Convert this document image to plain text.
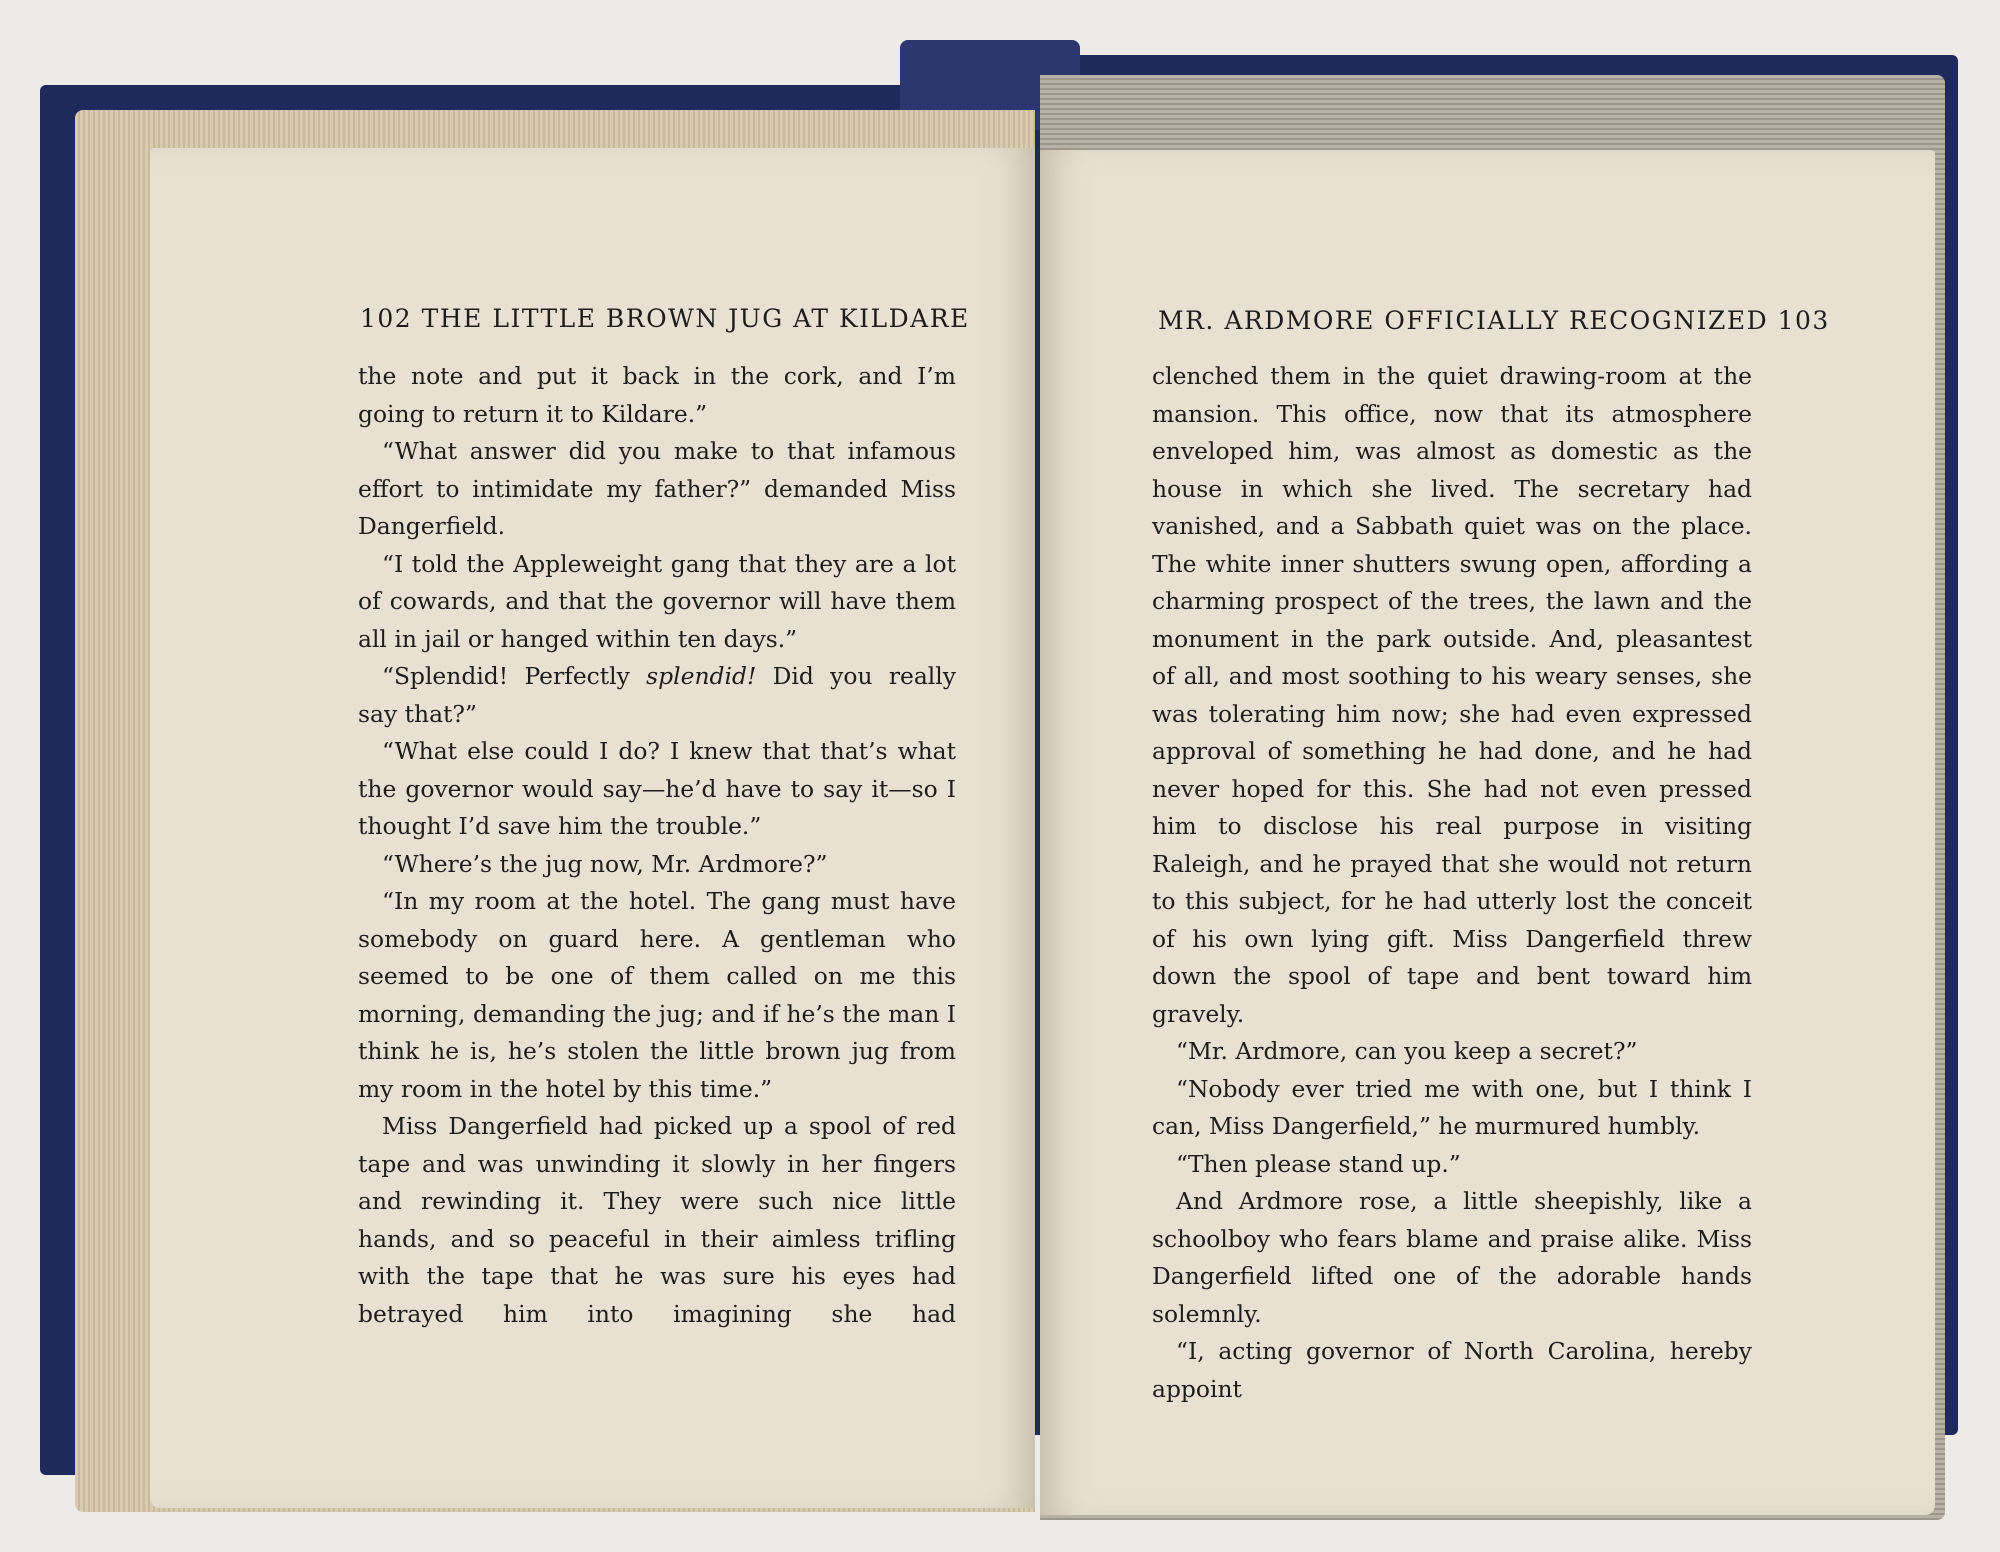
102 THE LITTLE BROWN JUG AT KILDARE

the note and put it back in the cork, and I’m going to return it to Kildare.”

“What answer did you make to that infamous effort to intimidate my father?” demanded Miss Dangerfield.

“I told the Appleweight gang that they are a lot of cowards, and that the governor will have them all in jail or hanged within ten days.”

“Splendid! Perfectly splendid! Did you really say that?”

“What else could I do? I knew that that’s what the governor would say—he’d have to say it—so I thought I’d save him the trouble.”

“Where’s the jug now, Mr. Ardmore?”

“In my room at the hotel. The gang must have somebody on guard here. A gentleman who seemed to be one of them called on me this morning, demanding the jug; and if he’s the man I think he is, he’s stolen the little brown jug from my room in the hotel by this time.”

Miss Dangerfield had picked up a spool of red tape and was unwinding it slowly in her fingers and rewinding it. They were such nice little hands, and so peaceful in their aimless trifling with the tape that he was sure his eyes had betrayed him into imagining she had

MR. ARDMORE OFFICIALLY RECOGNIZED 103

clenched them in the quiet drawing-room at the mansion. This office, now that its atmosphere enveloped him, was almost as domestic as the house in which she lived. The secretary had vanished, and a Sabbath quiet was on the place. The white inner shutters swung open, affording a charming prospect of the trees, the lawn and the monument in the park outside. And, pleasantest of all, and most soothing to his weary senses, she was tolerating him now; she had even expressed approval of something he had done, and he had never hoped for this. She had not even pressed him to disclose his real purpose in visiting Raleigh, and he prayed that she would not return to this subject, for he had utterly lost the conceit of his own lying gift. Miss Dangerfield threw down the spool of tape and bent toward him gravely.

“Mr. Ardmore, can you keep a secret?”

“Nobody ever tried me with one, but I think I can, Miss Dangerfield,” he murmured humbly.

“Then please stand up.”

And Ardmore rose, a little sheepishly, like a schoolboy who fears blame and praise alike. Miss Dangerfield lifted one of the adorable hands solemnly.

“I, acting governor of North Carolina, hereby appoint
